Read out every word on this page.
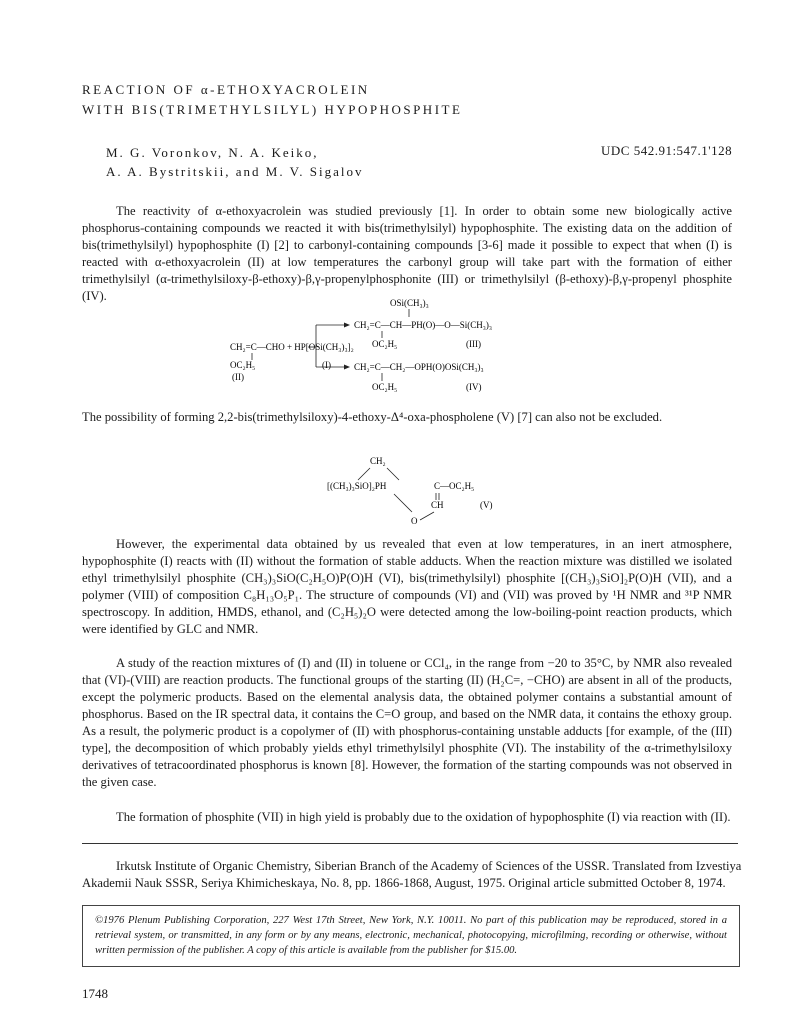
REACTION OF α-ETHOXYACROLEIN
WITH BIS(TRIMETHYLSILYL) HYPOPHOSPHITE
M. G. Voronkov, N. A. Keiko,
A. A. Bystritskii, and M. V. Sigalov
UDC 542.91:547.1'128

The reactivity of α-ethoxyacrolein was studied previously [1]. In order to obtain some new biologically active phosphorus-containing compounds we reacted it with bis(trimethylsilyl) hypophosphite. The existing data on the addition of bis(trimethylsilyl) hypophosphite (I) [2] to carbonyl-containing compounds [3-6] made it possible to expect that when (I) is reacted with α-ethoxyacrolein (II) at low temperatures the carbonyl group will take part with the formation of either trimethylsilyl (α-trimethylsiloxy-β-ethoxy)-β,γ-propenylphosphonite (III) or trimethylsilyl (β-ethoxy)-β,γ-propenyl phosphite (IV).	OSi(CH₃)₃
CH₂=C—CH—PH(O)—O—Si(CH₃)₃
OC₂H₅	(III)
CH₂=C—CHO + HP[OSi(CH₃)₃]₂
OC₂H₅	(I)	CH₂=C—CH₂—OPH(O)OSi(CH₃)₃
(II)
OC₂H₅	(IV)

The possibility of forming 2,2-bis(trimethylsiloxy)-4-ethoxy-Δ⁴-oxa-phospholene (V) [7] can also not be excluded.

CH₂
[(CH₃)₃SiO]₂PH	C—OC₂H₅
CH	(V)
O

However, the experimental data obtained by us revealed that even at low temperatures, in an inert atmosphere, hypophosphite (I) reacts with (II) without the formation of stable adducts. When the reaction mixture was distilled we isolated ethyl trimethylsilyl phosphite (CH₃)₃SiO(C₂H₅O)P(O)H (VI), bis(trimethylsilyl) phosphite [(CH₃)₃SiO]₂P(O)H (VII), and a polymer (VIII) of composition C₈H₁₃O₅P₁. The structure of compounds (VI) and (VII) was proved by ¹H NMR and ³¹P NMR spectroscopy. In addition, HMDS, ethanol, and (C₂H₅)₂O were detected among the low-boiling-point reaction products, which were identified by GLC and NMR.

A study of the reaction mixtures of (I) and (II) in toluene or CCl₄, in the range from −20 to 35°C, by NMR also revealed that (VI)-(VIII) are reaction products. The functional groups of the starting (II) (H₂C=, −CHO) are absent in all of the products, except the polymeric products. Based on the elemental analysis data, the obtained polymer contains a substantial amount of phosphorus. Based on the IR spectral data, it contains the C=O group, and based on the NMR data, it contains the ethoxy group. As a result, the polymeric product is a copolymer of (II) with phosphorus-containing unstable adducts [for example, of the (III) type], the decomposition of which probably yields ethyl trimethylsilyl phosphite (VI). The instability of the α-trimethylsiloxy derivatives of tetracoordinated phosphorus is known [8]. However, the formation of the starting compounds was not observed in the given case.

The formation of phosphite (VII) in high yield is probably due to the oxidation of hypophosphite (I) via reaction with (II).

Irkutsk Institute of Organic Chemistry, Siberian Branch of the Academy of Sciences of the USSR. Translated from Izvestiya Akademii Nauk SSSR, Seriya Khimicheskaya, No. 8, pp. 1866-1868, August, 1975. Original article submitted October 8, 1974.

©1976 Plenum Publishing Corporation, 227 West 17th Street, New York, N.Y. 10011. No part of this publication may be reproduced, stored in a retrieval system, or transmitted, in any form or by any means, electronic, mechanical, photocopying, microfilming, recording or otherwise, without written permission of the publisher. A copy of this article is available from the publisher for $15.00.

1748
